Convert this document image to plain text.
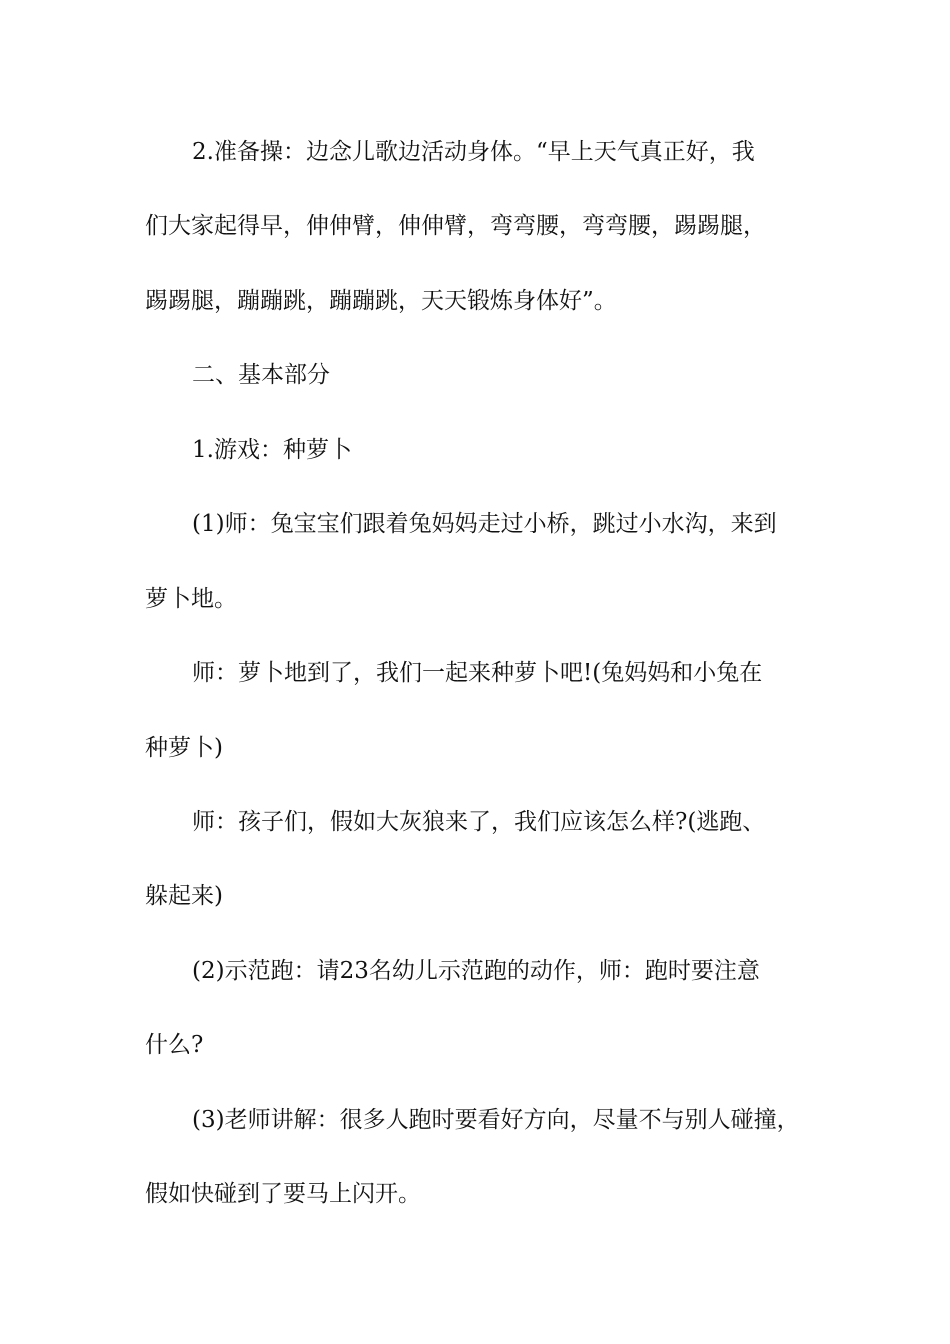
2.准备操：边念儿歌边活动身体。“早上天气真正好，我

们大家起得早，伸伸臂，伸伸臂，弯弯腰，弯弯腰，踢踢腿，

踢踢腿，蹦蹦跳，蹦蹦跳，天天锻炼身体好”。

二、基本部分

1.游戏：种萝卜

(1)师：兔宝宝们跟着兔妈妈走过小桥，跳过小水沟，来到

萝卜地。

师：萝卜地到了，我们一起来种萝卜吧!(兔妈妈和小兔在

种萝卜)

师：孩子们，假如大灰狼来了，我们应该怎么样?(逃跑、

躲起来)

(2)示范跑：请23名幼儿示范跑的动作，师：跑时要注意

什么?

(3)老师讲解：很多人跑时要看好方向，尽量不与别人碰撞，

假如快碰到了要马上闪开。
